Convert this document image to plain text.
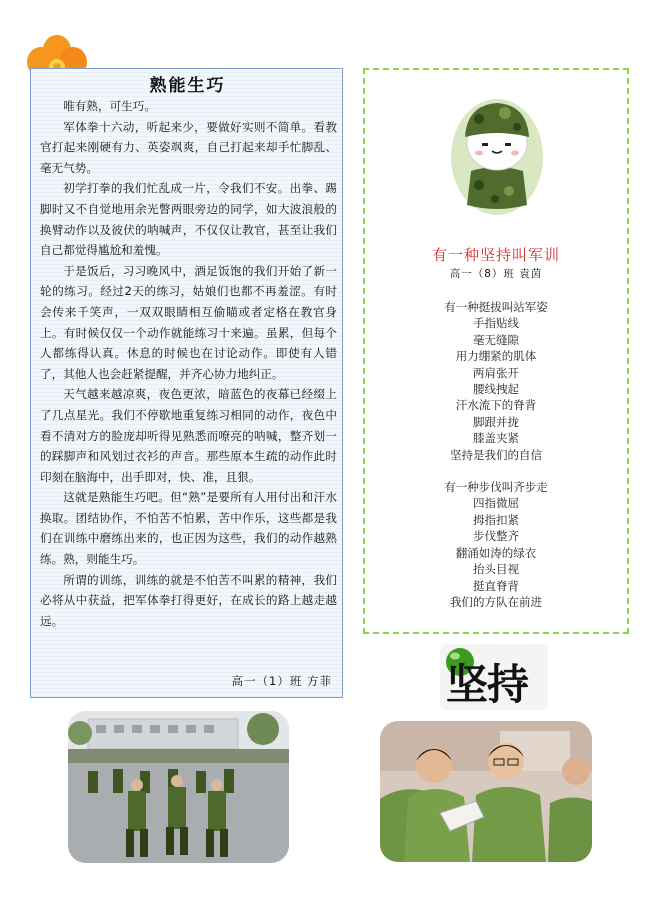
熟能生巧

唯有熟，可生巧。

军体拳十六动，听起来少，要做好实则不简单。看教官打起来刚硬有力、英姿飒爽，自己打起来却手忙脚乱、毫无气势。

初学打拳的我们忙乱成一片，令我们不安。出拳、踢脚时又不自觉地用余光瞥两眼旁边的同学，如大波浪般的换臂动作以及彼伏的呐喊声，不仅仅让教官，甚至让我们自己都觉得尴尬和羞愧。

于是饭后，习习晚风中，酒足饭饱的我们开始了新一轮的练习。经过2天的练习，姑娘们也都不再羞涩。有时会传来千笑声，一双双眼睛相互偷瞄或者定格在教官身上。有时候仅仅一个动作就能练习十来遍。虽累，但每个人都练得认真。休息的时候也在讨论动作。即使有人错了，其他人也会赶紧提醒，并齐心协力地纠正。

天气越来越凉爽，夜色更浓，暗蓝色的夜幕已经缀上了几点星光。我们不停歇地重复练习相同的动作，夜色中看不清对方的脸庞却听得见熟悉而嘹亮的呐喊，整齐划一的踩脚声和风划过衣衫的声音。那些原本生疏的动作此时印刻在脑海中，出手即对，快、准，且狠。

这就是熟能生巧吧。但“熟”是要所有人用付出和汗水换取。团结协作，不怕苦不怕累，苦中作乐，这些都是我们在训练中磨练出来的，也正因为这些，我们的动作越熟练。熟，则能生巧。

所谓的训练，训练的就是不怕苦不叫累的精神，我们必将从中获益，把军体拳打得更好，在成长的路上越走越远。

高一（1）班 方菲
有一种坚持叫军训
高一（8）班 袁茵
有一种挺拔叫站军姿
手指贴线
毫无缝隙
用力绷紧的肌体
两肩张开
腰线拽起
汗水流下的脊背
脚跟并拢
膝盖夹紧
坚持是我们的自信
有一种步伐叫齐步走
四指微屈
拇指扣紧
步伐整齐
翻涌如涛的绿衣
抬头目视
挺直脊背
我们的方队在前进
坚持
